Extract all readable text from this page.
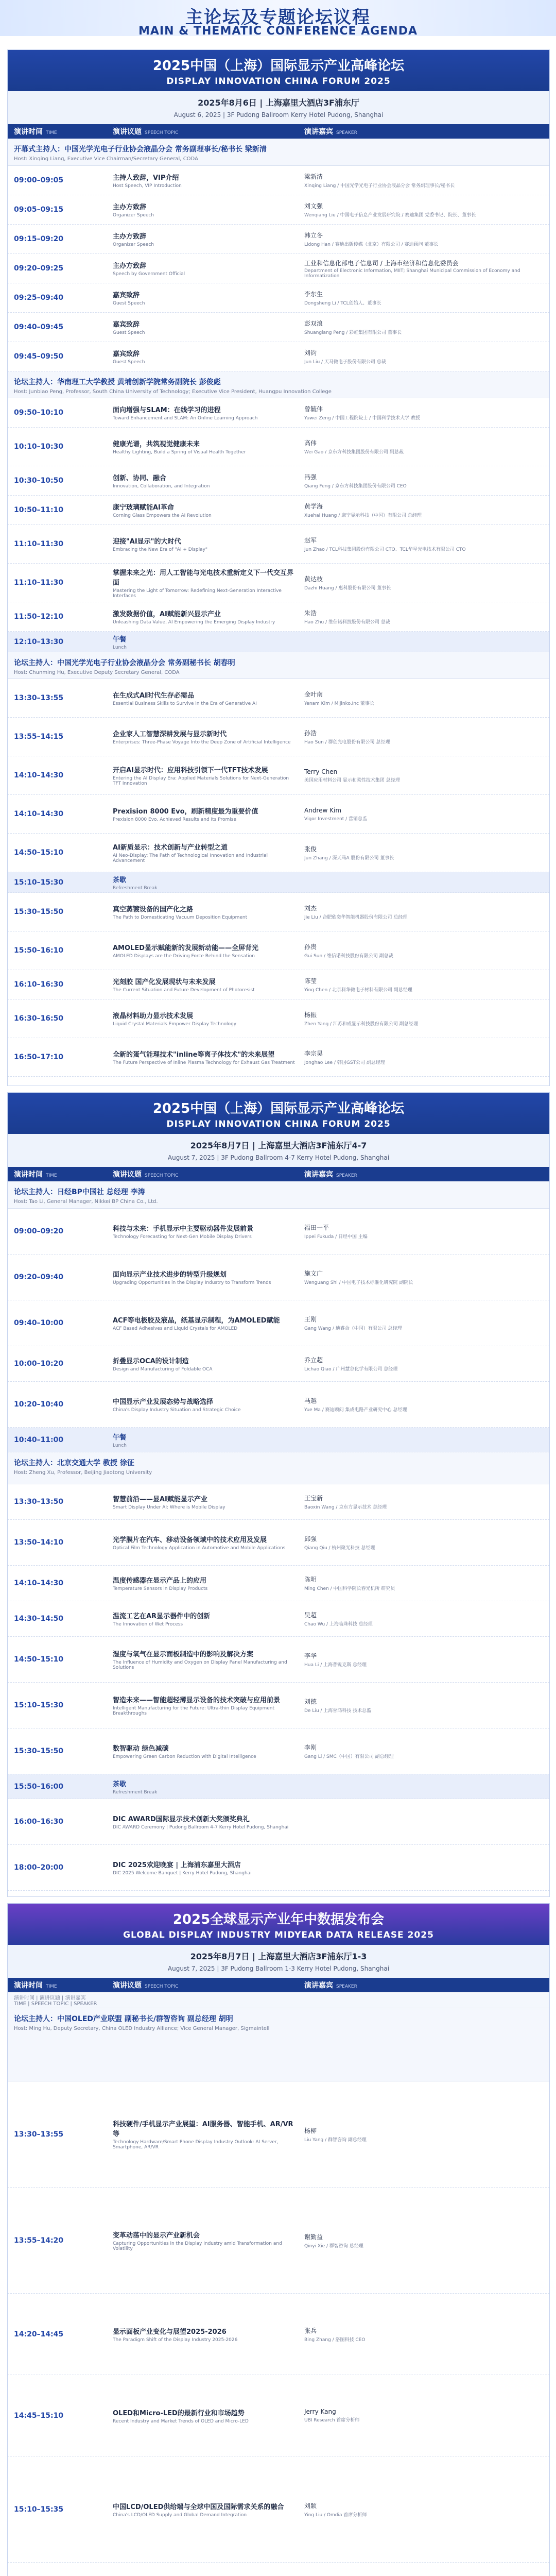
主论坛及专题论坛议程
MAIN & THEMATIC CONFERENCE AGENDA
2025中国（上海）国际显示产业高峰论坛
DISPLAY INNOVATION CHINA FORUM 2025
2025年8月6日 | 上海嘉里大酒店3F浦东厅
August 6, 2025 | 3F Pudong Ballroom Kerry Hotel Pudong, Shanghai
演讲时间 TIME	演讲议题 SPEECH TOPIC	演讲嘉宾 SPEAKER
开幕式主持人：中国光学光电子行业协会液晶分会 常务副理事长/秘书长 梁新清
Host: Xinqing Liang, Executive Vice Chairman/Secretary General, CODA
09:00–09:05	主持人致辞，VIP介绍
Host Speech, VIP Introduction
梁新清
Xinqing Liang / 中国光学光电子行业协会液晶分会 常务副理事长/秘书长
09:05–09:15	主办方致辞
Organizer Speech
刘文强
Wenqiang Liu / 中国电子信息产业发展研究院 / 赛迪集团 党委书记、院长、董事长
09:15–09:20	主办方致辞
Organizer Speech
韩立冬
Lidong Han / 赛迪出版传媒（北京）有限公司 / 赛迪顾问 董事长
09:20–09:25	主办方致辞
Speech by Government Official
工业和信息化部电子信息司 / 上海市经济和信息化委员会
Department of Electronic Information, MIIT; Shanghai Municipal Commission of Economy and Informatization
09:25–09:40	嘉宾致辞
Guest Speech
李东生
Dongsheng Li / TCL创始人、董事长
09:40–09:45	嘉宾致辞
Guest Speech
彭双浪
Shuanglang Peng / 彩虹集团有限公司 董事长
09:45–09:50	嘉宾致辞
Guest Speech
刘钧
Jun Liu / 天马微电子股份有限公司 总裁
论坛主持人：华南理工大学教授 黄埔创新学院常务副院长 彭俊彪
Host: Junbiao Peng, Professor, South China University of Technology; Executive Vice President, Huangpu Innovation College
09:50–10:10	面向增强与SLAM：在线学习的进程
Toward Enhancement and SLAM: An Online Learning Approach
曾毓伟
Yuwei Zeng / 中国工程院院士 / 中国科学技术大学 教授
10:10–10:30	健康光谱，共筑视觉健康未来
Healthy Lighting, Build a Spring of Visual Health Together
高伟
Wei Gao / 京东方科技集团股份有限公司 副总裁
10:30–10:50	创新、协同、融合
Innovation, Collaboration, and Integration
冯强
Qiang Feng / 京东方科技集团股份有限公司 CEO
10:50–11:10	康宁玻璃赋能AI革命
Corning Glass Empowers the AI Revolution
黄学海
Xuehai Huang / 康宁显示科技（中国）有限公司 总经理
11:10–11:30	迎接"AI显示"的大时代
Embracing the New Era of "AI + Display"
赵军
Jun Zhao / TCL科技集团股份有限公司 CTO、TCL华星光电技术有限公司 CTO
11:10–11:30
掌握未来之光：用人工智能与光电技术重新定义下一代交互界面
Mastering the Light of Tomorrow: Redefining Next-Generation Interactive Interfaces
黄达枝
Dazhi Huang / 惠科股份有限公司 董事长
11:50–12:10	激发数据价值，AI赋能新兴显示产业
Unleashing Data Value, AI Empowering the Emerging Display Industry
朱浩
Hao Zhu / 维信诺科技股份有限公司 总裁
12:10–13:30	午餐
Lunch
论坛主持人：中国光学光电子行业协会液晶分会 常务副秘书长 胡春明
Host: Chunming Hu, Executive Deputy Secretary General, CODA
13:30–13:55	在生成式AI时代生存必需品
Essential Business Skills to Survive in the Era of Generative AI
金叶南
Yenam Kim / Mijinko.Inc 董事长
13:55–14:15	企业家人工智慧深耕发展与显示新时代
Enterprises: Three-Phase Voyage Into the Deep Zone of Artificial Intelligence
孙浩
Hao Sun / 群创光电股份有限公司 总经理
14:10–14:30
开启AI显示时代：应用科技引领下一代TFT技术发展
Entering the AI Display Era: Applied Materials Solutions for Next-Generation TFT Innovation
Terry Chen
美国应用材料公司 显示和柔性技术集团 总经理
14:10–14:30	Prexision 8000 Evo，刷新精度最为重要价值
Prexision 8000 Evo, Achieved Results and Its Promise
Andrew Kim
Vigor Investment / 营销总监
14:50–15:10
AI新质显示：技术创新与产业转型之道
AI Neo-Display: The Path of Technological Innovation and Industrial Advancement
张俊
Jun Zhang / 深天马A 股份有限公司 董事长
15:10–15:30	茶歇
Refreshment Break
15:30–15:50	真空蒸镀设备的国产化之路
The Path to Domesticating Vacuum Deposition Equipment
刘杰
Jie Liu / 合肥欣奕华智能机器股份有限公司 总经理
15:50–16:10	AMOLED显示赋能新的发展新动能——全屏背光
AMOLED Displays are the Driving Force Behind the Sensation
孙贵
Gui Sun / 维信诺科技股份有限公司 副总裁
16:10–16:30	光刻胶 国产化发展现状与未来发展
The Current Situation and Future Development of Photoresist
陈莹
Ying Chen / 北京科华微电子材料有限公司 副总经理
16:30–16:50	液晶材料助力显示技术发展
Liquid Crystal Materials Empower Display Technology
杨振
Zhen Yang / 江苏和成显示科技股份有限公司 副总经理
16:50–17:10	全新的蛋气能理技术"inline等离子体技术"的未来展望
The Future Perspective of Inline Plasma Technology for Exhaust Gas Treatment
李宗昊
Jonghao Lee / 韩国GST公司 副总经理
2025中国（上海）国际显示产业高峰论坛
DISPLAY INNOVATION CHINA FORUM 2025
2025年8月7日 | 上海嘉里大酒店3F浦东厅4-7
August 7, 2025 | 3F Pudong Ballroom 4-7 Kerry Hotel Pudong, Shanghai
演讲时间 TIME	演讲议题 SPEECH TOPIC	演讲嘉宾 SPEAKER
论坛主持人：日经BP中国社 总经理 李涛
Host: Tao Li, General Manager, Nikkei BP China Co., Ltd.
09:00–09:20	科技与未来：手机显示中主要驱动器件发展前景
Technology Forecasting for Next-Gen Mobile Display Drivers
福田一平
Ippei Fukuda / 日经中国 主编
09:20–09:40	面向显示产业技术进步的转型升级规划
Upgrading Opportunities in the Display Industry to Transform Trends
施文广
Wenguang Shi / 中国电子技术标准化研究院 副院长
09:40–10:00	ACF等电极胶及液晶，纸基显示制程，为AMOLED赋能
ACF Based Adhesives and Liquid Crystals for AMOLED
王刚
Gang Wang / 迪睿合（中国）有限公司 总经理
10:00–10:20	折叠显示OCA的设计制造
Design and Manufacturing of Foldable OCA
乔立超
Lichao Qiao / 广州慧谷化学有限公司 总经理
10:20–10:40	中国显示产业发展态势与战略选择
China's Display Industry Situation and Strategic Choice
马越
Yue Ma / 赛迪顾问 集成电路产业研究中心 总经理
10:40–11:00	午餐
Lunch
论坛主持人：北京交通大学 教授 徐征
Host: Zheng Xu, Professor, Beijing Jiaotong University
13:30–13:50	智慧前沿——显AI赋能显示产业
Smart Display Under AI: Where is Mobile Display
王宝新
Baoxin Wang / 京东方显示技术 总经理
13:50–14:10	光学膜片在汽车、移动设备领域中的技术应用及发展
Optical Film Technology Application in Automotive and Mobile Applications
邱强
Qiang Qiu / 杭州聚光科技 总经理
14:10–14:30	温度传感器在显示产品上的应用
Temperature Sensors in Display Products
陈明
Ming Chen / 中国科学院长春光机所 研究员
14:30–14:50	温流工艺在AR显示器件中的创新
The Innovation of Wet Process
吴超
Chao Wu / 上海临珠科技 总经理
14:50–15:10
湿度与氧气在显示面板制造中的影响及解决方案
The Influence of Humidity and Oxygen on Display Panel Manufacturing and Solutions
李华
Hua Li / 上海普锐克斯 总经理
15:10–15:30
智造未来——智能超轻薄显示设备的技术突破与应用前景
Intelligent Manufacturing for the Future: Ultra-thin Display Equipment Breakthroughs
刘德
De Liu / 上海誉鸿科技 技术总监
15:30–15:50	数智驱动 绿色减碳
Empowering Green Carbon Reduction with Digital Intelligence
李刚
Gang Li / SMC（中国）有限公司 副总经理
15:50–16:00	茶歇
Refreshment Break
16:00–16:30	DIC AWARD国际显示技术创新大奖颁奖典礼
DIC AWARD Ceremony | Pudong Ballroom 4-7 Kerry Hotel Pudong, Shanghai
18:00–20:00	DIC 2025欢迎晚宴 | 上海浦东嘉里大酒店
DIC 2025 Welcome Banquet | Kerry Hotel Pudong, Shanghai
2025全球显示产业年中数据发布会
GLOBAL DISPLAY INDUSTRY MIDYEAR DATA RELEASE 2025
2025年8月7日 | 上海嘉里大酒店3F浦东厅1-3
August 7, 2025 | 3F Pudong Ballroom 1-3 Kerry Hotel Pudong, Shanghai
演讲时间 TIME	演讲议题 SPEECH TOPIC	演讲嘉宾 SPEAKER
演讲时间 | 演讲议题 | 演讲嘉宾
TIME | SPEECH TOPIC | SPEAKER
论坛主持人：中国OLED产业联盟 副秘书长/群智咨询 副总经理 胡明
Host: Ming Hu, Deputy Secretary, China OLED Industry Alliance; Vice General Manager, Sigmaintell
13:30–13:55
科技硬件/手机显示产业展望：AI服务器、智能手机、AR/VR等
Technology Hardware/Smart Phone Display Industry Outlook: AI Server, Smartphone, AR/VR
杨柳
Liu Yang / 群智咨询 副总经理
13:55–14:20
变革动荡中的显示产业新机会
Capturing Opportunities in the Display Industry amid Transformation and Volatility
谢勤益
Qinyi Xie / 群智咨询 总经理
14:20–14:45	显示面板产业变化与展望2025-2026
The Paradigm Shift of the Display Industry 2025-2026
张兵
Bing Zhang / 洛图科技 CEO
14:45–15:10	OLED和Micro-LED的最新行业和市场趋势
Recent Industry and Market Trends of OLED and Micro-LED
Jerry Kang
UBI Research 首席分析师
15:10–15:35	中国LCD/OLED供给端与全球中国及国际需求关系的融合
China's LCD/OLED Supply and Global Demand Integration
刘颖
Ying Liu / Omdia 首席分析师
